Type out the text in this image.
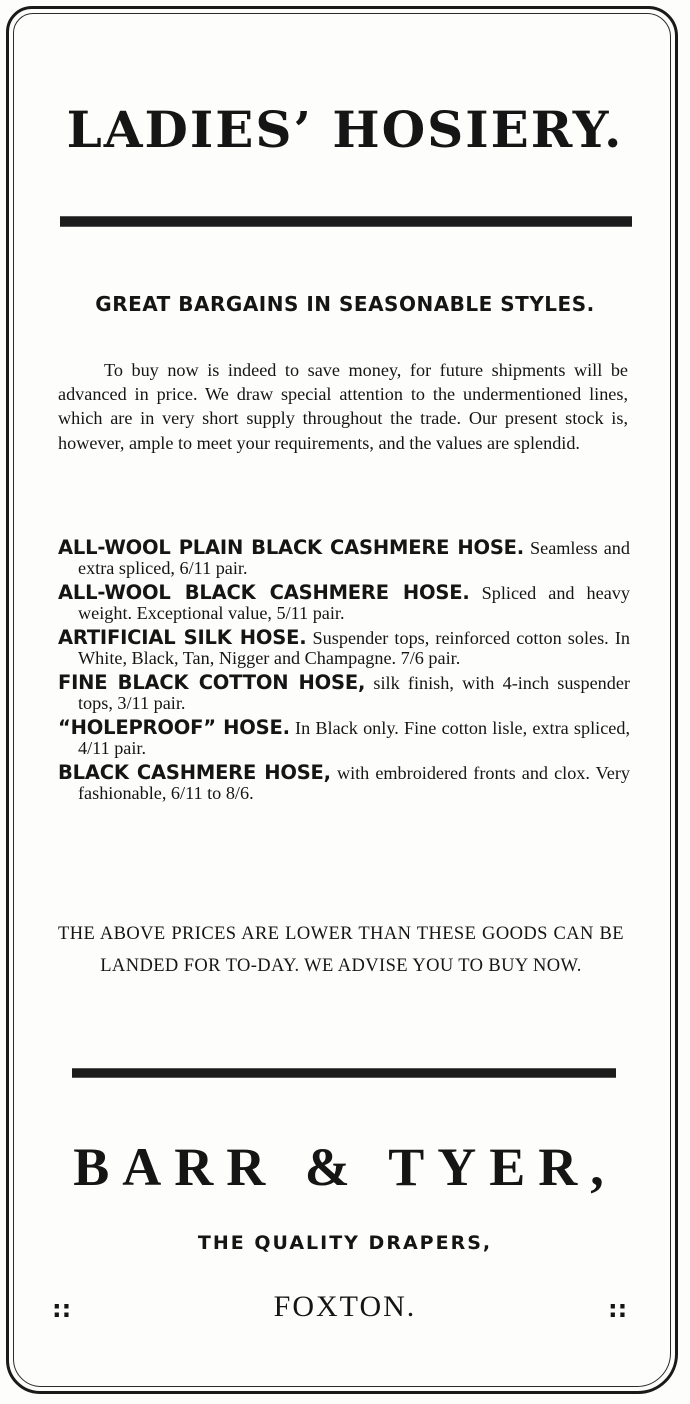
LADIES’ HOSIERY.
GREAT BARGAINS IN SEASONABLE STYLES.

To buy now is indeed to save money, for future shipments will be advanced in price. We draw special attention to the undermentioned lines, which are in very short supply throughout the trade. Our present stock is, however, ample to meet your requirements, and the values are splendid.

ALL-WOOL PLAIN BLACK CASHMERE HOSE. Seamless and extra spliced, 6/11 pair.

ALL-WOOL BLACK CASHMERE HOSE. Spliced and heavy weight. Exceptional value, 5/11 pair.

ARTIFICIAL SILK HOSE. Suspender tops, reinforced cotton soles. In White, Black, Tan, Nigger and Champagne. 7/6 pair.

FINE BLACK COTTON HOSE, silk finish, with 4-inch suspender tops, 3/11 pair.

“HOLEPROOF” HOSE. In Black only. Fine cotton lisle, extra spliced, 4/11 pair.

BLACK CASHMERE HOSE, with embroidered fronts and clox. Very fashionable, 6/11 to 8/6.

THE ABOVE PRICES ARE LOWER THAN THESE GOODS CAN BE LANDED FOR TO-DAY. WE ADVISE YOU TO BUY NOW.

BARR & TYER,
THE QUALITY DRAPERS,
::	FOXTON.	::
